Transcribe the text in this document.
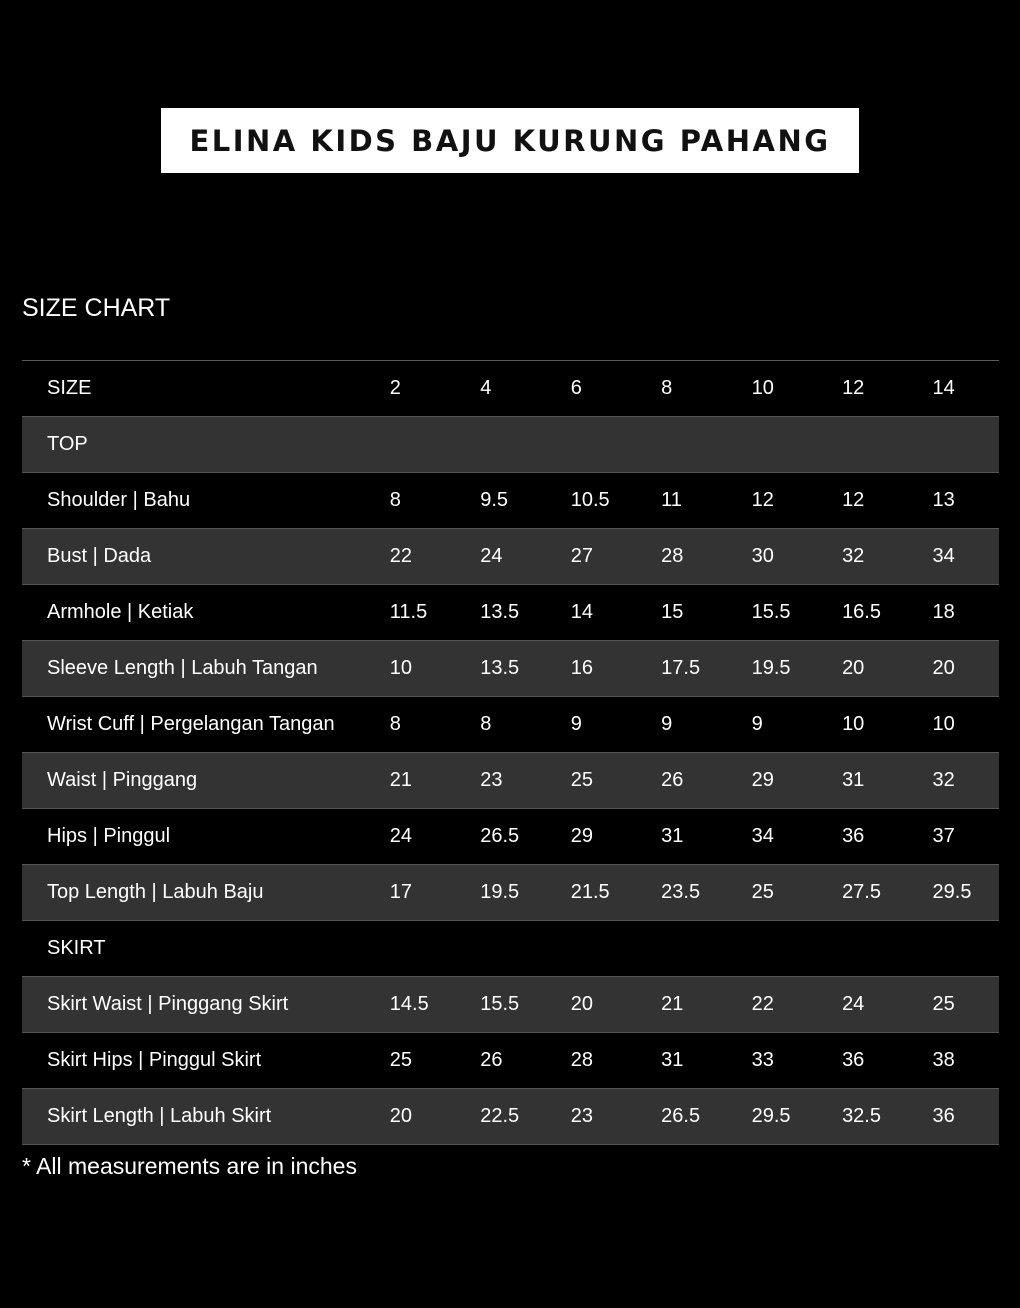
ELINA KIDS BAJU KURUNG PAHANG
SIZE CHART
SIZE	2	4	6	8	10	12	14
TOP
Shoulder | Bahu	8	9.5	10.5	11	12	12	13
Bust | Dada	22	24	27	28	30	32	34
Armhole | Ketiak	11.5	13.5	14	15	15.5	16.5	18
Sleeve Length | Labuh Tangan	10	13.5	16	17.5	19.5	20	20
Wrist Cuff | Pergelangan Tangan	8	8	9	9	9	10	10
Waist | Pinggang	21	23	25	26	29	31	32
Hips | Pinggul	24	26.5	29	31	34	36	37
Top Length | Labuh Baju	17	19.5	21.5	23.5	25	27.5	29.5
SKIRT
Skirt Waist | Pinggang Skirt	14.5	15.5	20	21	22	24	25
Skirt Hips | Pinggul Skirt	25	26	28	31	33	36	38
Skirt Length | Labuh Skirt	20	22.5	23	26.5	29.5	32.5	36
* All measurements are in inches
